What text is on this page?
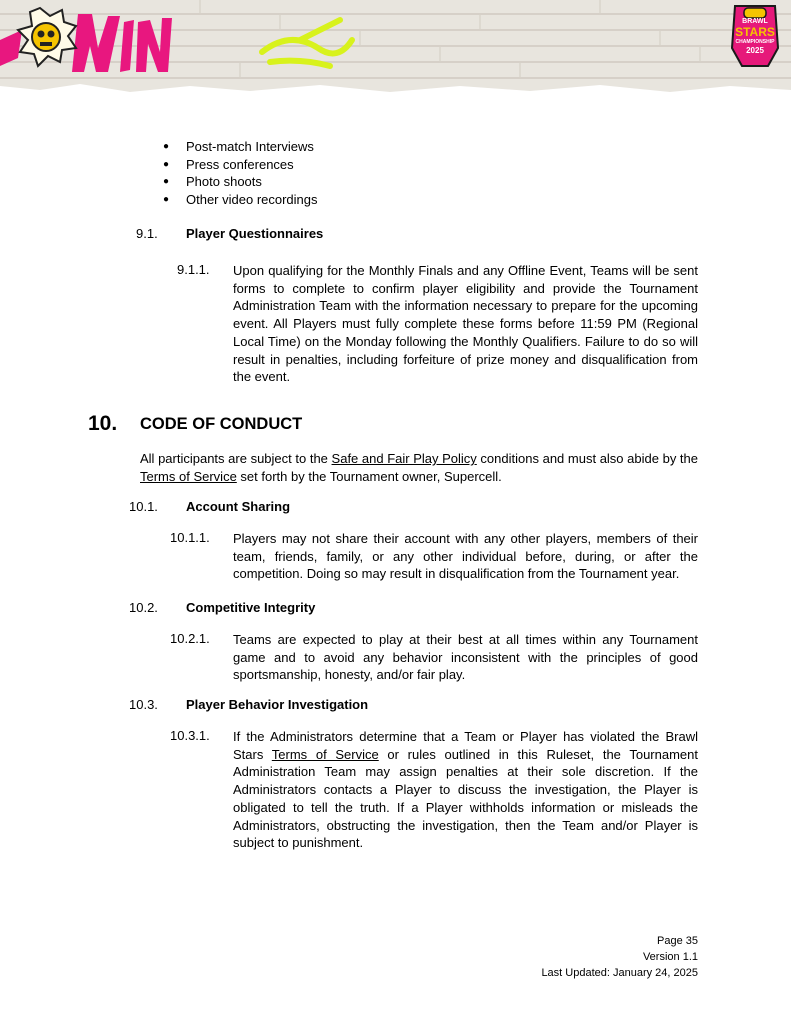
BRAWL
STARS
CHAMPIONSHIP
2025
● Post-match Interviews
● Press conferences
● Photo shoots
● Other video recordings
9.1. Player Questionnaires
9.1.1. Upon qualifying for the Monthly Finals and any Offline Event, Teams will be sent forms to complete to confirm player eligibility and provide the Tournament Administration Team with the information necessary to prepare for the upcoming event. All Players must fully complete these forms before 11:59 PM (Regional Local Time) on the Monday following the Monthly Qualifiers. Failure to do so will result in penalties, including forfeiture of prize money and disqualification from the event.
10. CODE OF CONDUCT
All participants are subject to the Safe and Fair Play Policy conditions and must also abide by the Terms of Service set forth by the Tournament owner, Supercell.
10.1. Account Sharing
10.1.1. Players may not share their account with any other players, members of their team, friends, family, or any other individual before, during, or after the competition. Doing so may result in disqualification from the Tournament year.
10.2. Competitive Integrity
10.2.1. Teams are expected to play at their best at all times within any Tournament game and to avoid any behavior inconsistent with the principles of good sportsmanship, honesty, and/or fair play.
10.3. Player Behavior Investigation
10.3.1. If the Administrators determine that a Team or Player has violated the Brawl Stars Terms of Service or rules outlined in this Ruleset, the Tournament Administration Team may assign penalties at their sole discretion. If the Administrators contacts a Player to discuss the investigation, the Player is obligated to tell the truth. If a Player withholds information or misleads the Administrators, obstructing the investigation, then the Team and/or Player is subject to punishment.
Page 35
Version 1.1
Last Updated: January 24, 2025
